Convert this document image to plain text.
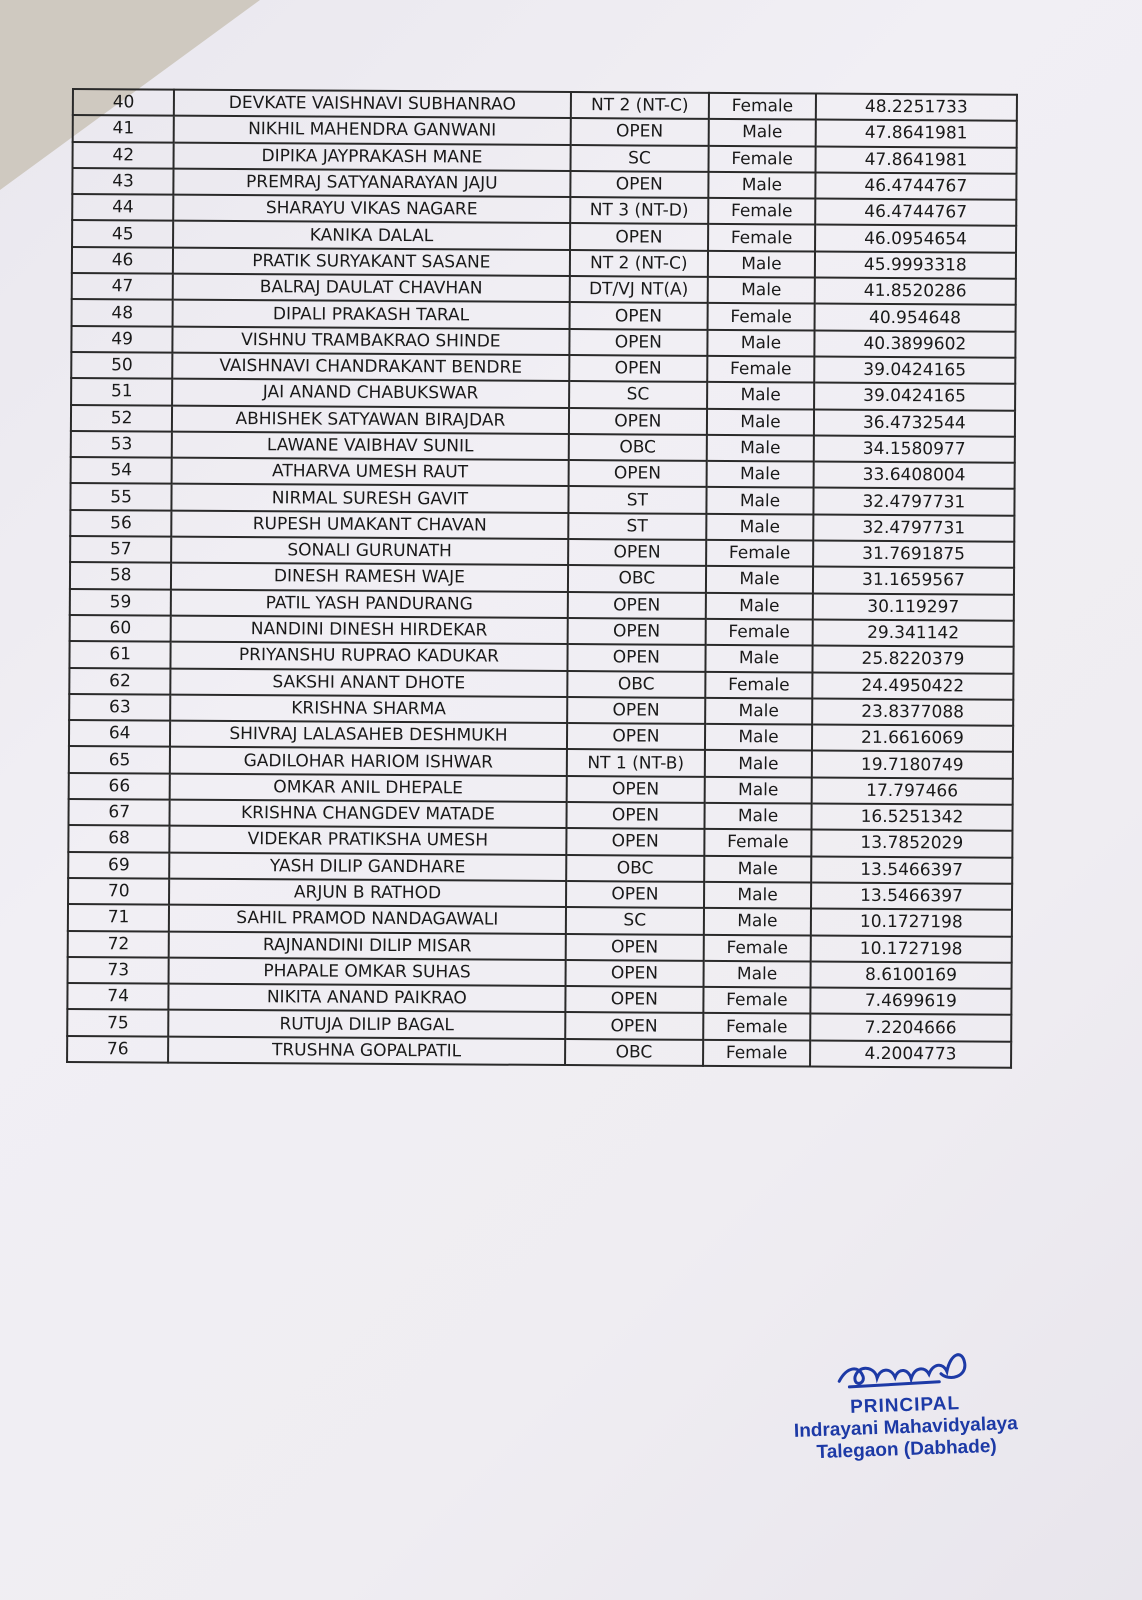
40	DEVKATE VAISHNAVI SUBHANRAO	NT 2 (NT-C)	Female	48.2251733
41	NIKHIL MAHENDRA GANWANI	OPEN	Male	47.8641981
42	DIPIKA JAYPRAKASH MANE	SC	Female	47.8641981
43	PREMRAJ SATYANARAYAN JAJU	OPEN	Male	46.4744767
44	SHARAYU VIKAS NAGARE	NT 3 (NT-D)	Female	46.4744767
45	KANIKA DALAL	OPEN	Female	46.0954654
46	PRATIK SURYAKANT SASANE	NT 2 (NT-C)	Male	45.9993318
47	BALRAJ DAULAT CHAVHAN	DT/VJ NT(A)	Male	41.8520286
48	DIPALI PRAKASH TARAL	OPEN	Female	40.954648
49	VISHNU TRAMBAKRAO SHINDE	OPEN	Male	40.3899602
50	VAISHNAVI CHANDRAKANT BENDRE	OPEN	Female	39.0424165
51	JAI ANAND CHABUKSWAR	SC	Male	39.0424165
52	ABHISHEK SATYAWAN BIRAJDAR	OPEN	Male	36.4732544
53	LAWANE VAIBHAV SUNIL	OBC	Male	34.1580977
54	ATHARVA UMESH RAUT	OPEN	Male	33.6408004
55	NIRMAL SURESH GAVIT	ST	Male	32.4797731
56	RUPESH UMAKANT CHAVAN	ST	Male	32.4797731
57	SONALI GURUNATH	OPEN	Female	31.7691875
58	DINESH RAMESH WAJE	OBC	Male	31.1659567
59	PATIL YASH PANDURANG	OPEN	Male	30.119297
60	NANDINI DINESH HIRDEKAR	OPEN	Female	29.341142
61	PRIYANSHU RUPRAO KADUKAR	OPEN	Male	25.8220379
62	SAKSHI ANANT DHOTE	OBC	Female	24.4950422
63	KRISHNA SHARMA	OPEN	Male	23.8377088
64	SHIVRAJ LALASAHEB DESHMUKH	OPEN	Male	21.6616069
65	GADILOHAR HARIOM ISHWAR	NT 1 (NT-B)	Male	19.7180749
66	OMKAR ANIL DHEPALE	OPEN	Male	17.797466
67	KRISHNA CHANGDEV MATADE	OPEN	Male	16.5251342
68	VIDEKAR PRATIKSHA UMESH	OPEN	Female	13.7852029
69	YASH DILIP GANDHARE	OBC	Male	13.5466397
70	ARJUN B RATHOD	OPEN	Male	13.5466397
71	SAHIL PRAMOD NANDAGAWALI	SC	Male	10.1727198
72	RAJNANDINI DILIP MISAR	OPEN	Female	10.1727198
73	PHAPALE OMKAR SUHAS	OPEN	Male	8.6100169
74	NIKITA ANAND PAIKRAO	OPEN	Female	7.4699619
75	RUTUJA DILIP BAGAL	OPEN	Female	7.2204666
76	TRUSHNA GOPALPATIL	OBC	Female	4.2004773
PRINCIPAL
Indrayani Mahavidyalaya
Talegaon (Dabhade)
